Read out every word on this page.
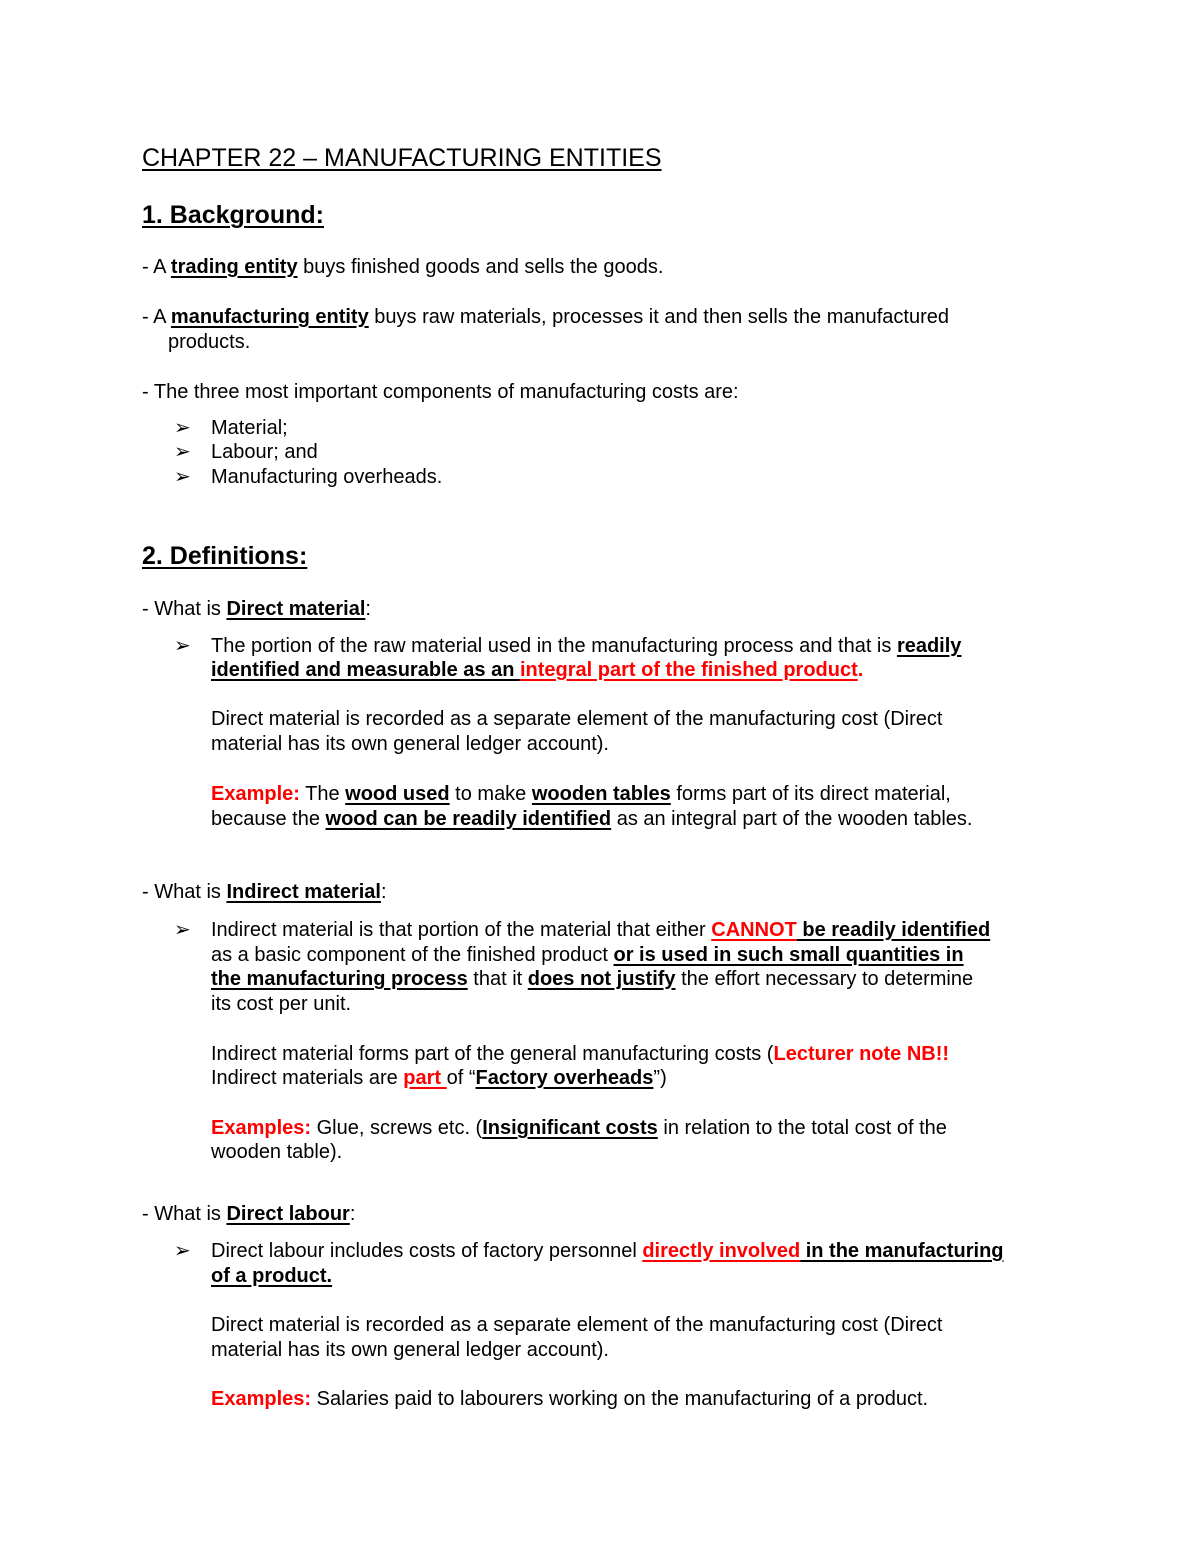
CHAPTER 22 – MANUFACTURING ENTITIES
1. Background:
- A trading entity buys finished goods and sells the goods.
- A manufacturing entity buys raw materials, processes it and then sells the manufactured
products.
- The three most important components of manufacturing costs are:
➢ Material;
➢ Labour; and
➢ Manufacturing overheads.
2. Definitions:
- What is Direct material:
➢ The portion of the raw material used in the manufacturing process and that is readily
identified and measurable as an integral part of the finished product.
Direct material is recorded as a separate element of the manufacturing cost (Direct
material has its own general ledger account).
Example: The wood used to make wooden tables forms part of its direct material,
because the wood can be readily identified as an integral part of the wooden tables.
- What is Indirect material:
➢ Indirect material is that portion of the material that either CANNOT be readily identified
as a basic component of the finished product or is used in such small quantities in
the manufacturing process that it does not justify the effort necessary to determine
its cost per unit.
Indirect material forms part of the general manufacturing costs (Lecturer note NB!!
Indirect materials are part of “Factory overheads”)
Examples: Glue, screws etc. (Insignificant costs in relation to the total cost of the
wooden table).
- What is Direct labour:
➢ Direct labour includes costs of factory personnel directly involved in the manufacturing
of a product.
Direct material is recorded as a separate element of the manufacturing cost (Direct
material has its own general ledger account).
Examples: Salaries paid to labourers working on the manufacturing of a product.
